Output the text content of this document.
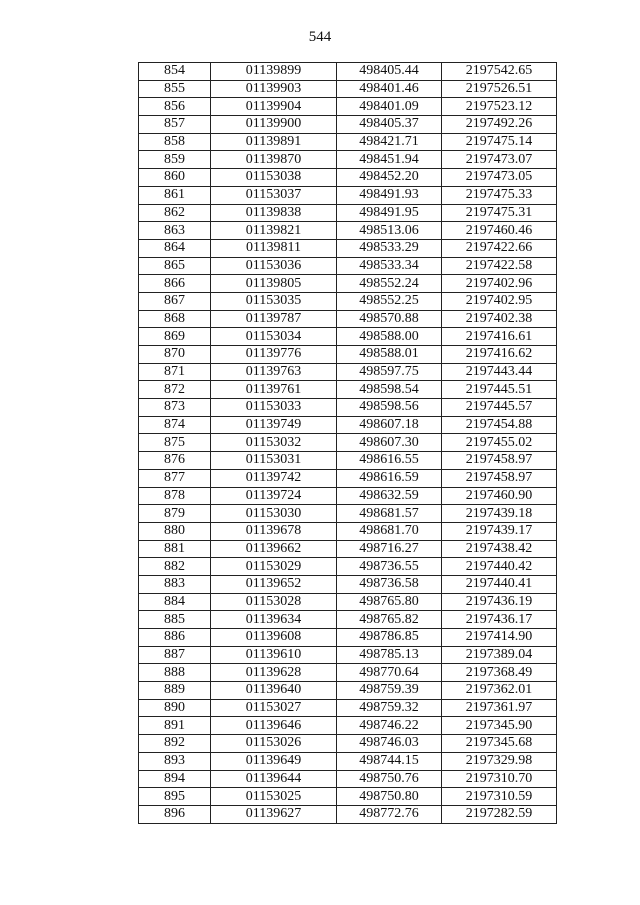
544
854	01139899	498405.44	2197542.65
855	01139903	498401.46	2197526.51
856	01139904	498401.09	2197523.12
857	01139900	498405.37	2197492.26
858	01139891	498421.71	2197475.14
859	01139870	498451.94	2197473.07
860	01153038	498452.20	2197473.05
861	01153037	498491.93	2197475.33
862	01139838	498491.95	2197475.31
863	01139821	498513.06	2197460.46
864	01139811	498533.29	2197422.66
865	01153036	498533.34	2197422.58
866	01139805	498552.24	2197402.96
867	01153035	498552.25	2197402.95
868	01139787	498570.88	2197402.38
869	01153034	498588.00	2197416.61
870	01139776	498588.01	2197416.62
871	01139763	498597.75	2197443.44
872	01139761	498598.54	2197445.51
873	01153033	498598.56	2197445.57
874	01139749	498607.18	2197454.88
875	01153032	498607.30	2197455.02
876	01153031	498616.55	2197458.97
877	01139742	498616.59	2197458.97
878	01139724	498632.59	2197460.90
879	01153030	498681.57	2197439.18
880	01139678	498681.70	2197439.17
881	01139662	498716.27	2197438.42
882	01153029	498736.55	2197440.42
883	01139652	498736.58	2197440.41
884	01153028	498765.80	2197436.19
885	01139634	498765.82	2197436.17
886	01139608	498786.85	2197414.90
887	01139610	498785.13	2197389.04
888	01139628	498770.64	2197368.49
889	01139640	498759.39	2197362.01
890	01153027	498759.32	2197361.97
891	01139646	498746.22	2197345.90
892	01153026	498746.03	2197345.68
893	01139649	498744.15	2197329.98
894	01139644	498750.76	2197310.70
895	01153025	498750.80	2197310.59
896	01139627	498772.76	2197282.59
